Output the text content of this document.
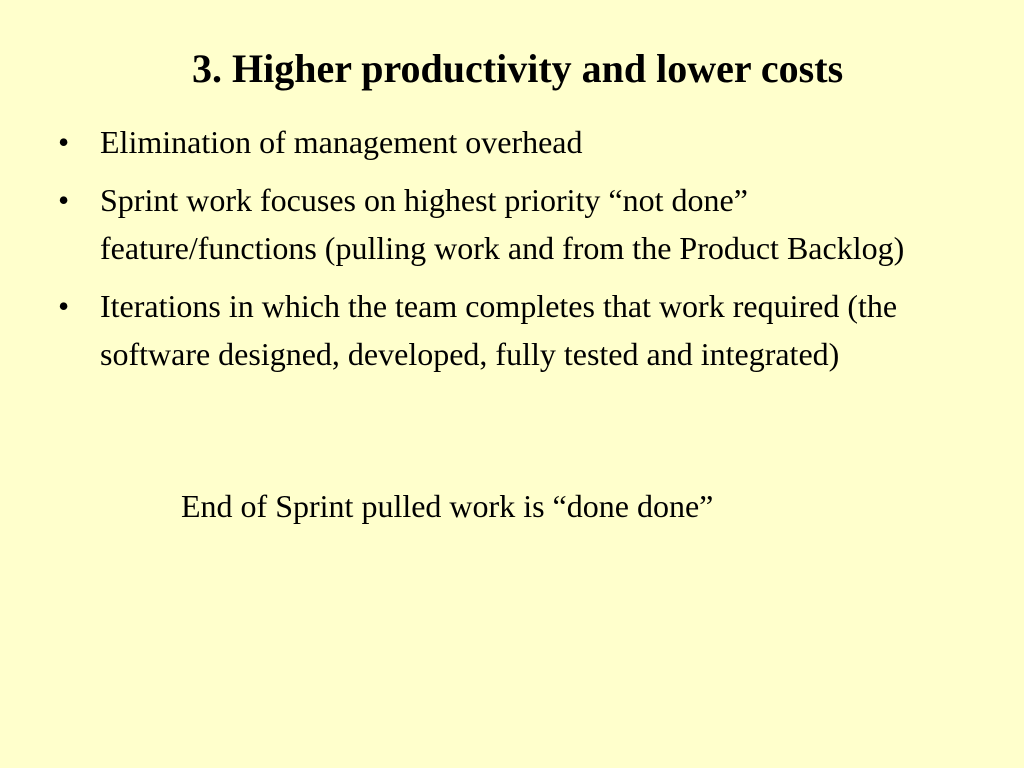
3. Higher productivity and lower costs
• Elimination of management overhead
• Sprint work focuses on highest priority “not done” feature/functions (pulling work and from the Product Backlog)
• Iterations in which the team completes that work required (the software designed, developed, fully tested and integrated)
End of Sprint pulled work is “done done”
